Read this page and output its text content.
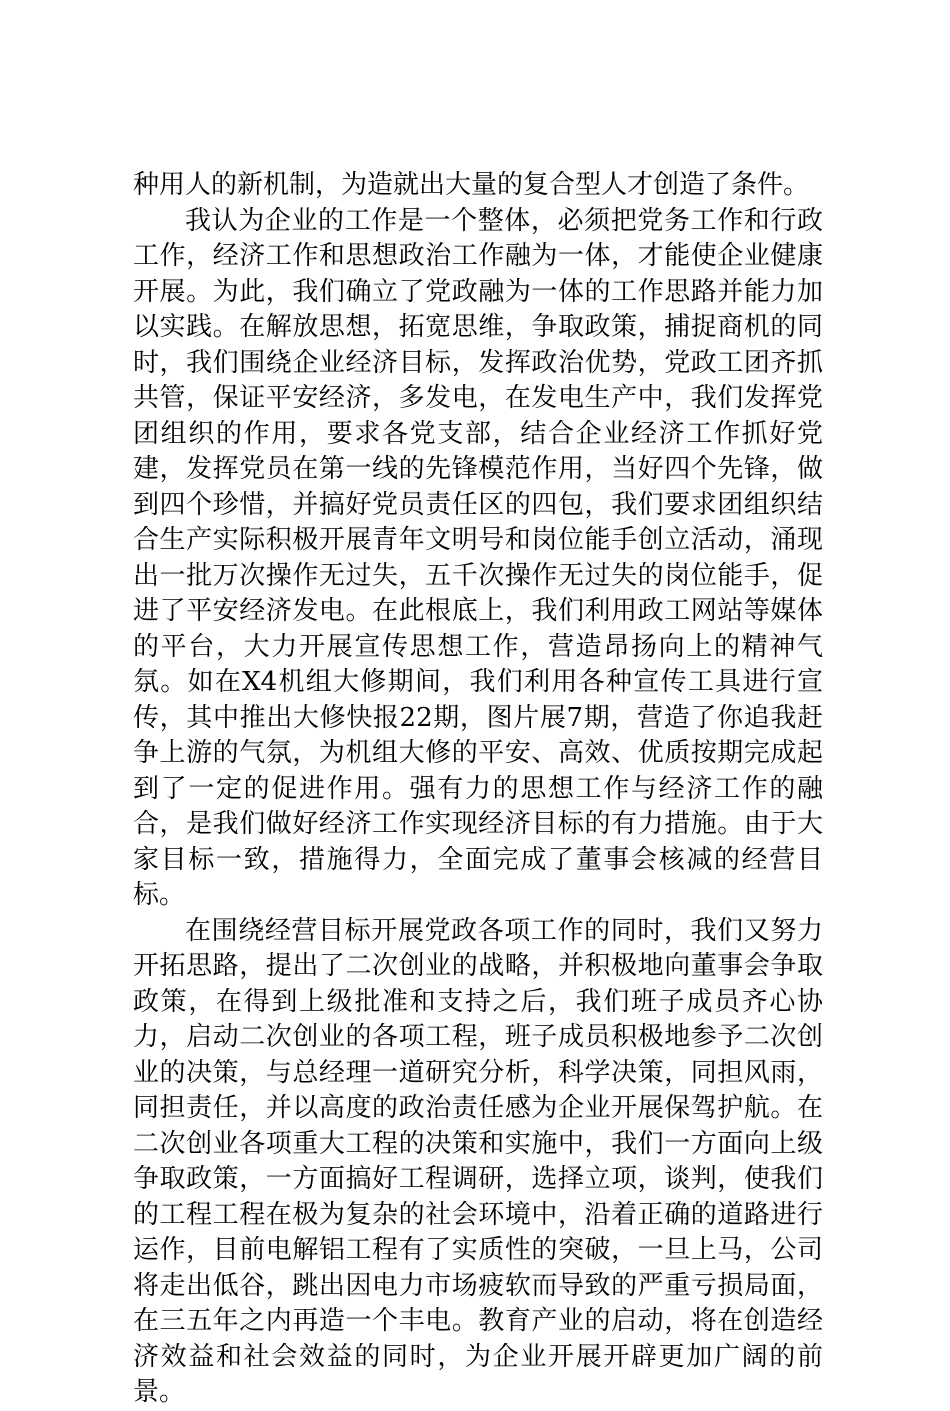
种用人的新机制，为造就出大量的复合型人才创造了条件。

我认为企业的工作是一个整体，必须把党务工作和行政工作，经济工作和思想政治工作融为一体，才能使企业健康开展。为此，我们确立了党政融为一体的工作思路并能力加以实践。在解放思想，拓宽思维，争取政策，捕捉商机的同时，我们围绕企业经济目标，发挥政治优势，党政工团齐抓共管，保证平安经济，多发电，在发电生产中，我们发挥党团组织的作用，要求各党支部，结合企业经济工作抓好党建，发挥党员在第一线的先锋模范作用，当好四个先锋，做到四个珍惜，并搞好党员责任区的四包，我们要求团组织结合生产实际积极开展青年文明号和岗位能手创立活动，涌现出一批万次操作无过失，五千次操作无过失的岗位能手，促进了平安经济发电。在此根底上，我们利用政工网站等媒体的平台，大力开展宣传思想工作，营造昂扬向上的精神气氛。如在X4机组大修期间，我们利用各种宣传工具进行宣传，其中推出大修快报22期，图片展7期，营造了你追我赶争上游的气氛，为机组大修的平安、高效、优质按期完成起到了一定的促进作用。强有力的思想工作与经济工作的融合，是我们做好经济工作实现经济目标的有力措施。由于大家目标一致，措施得力，全面完成了董事会核减的经营目标。

在围绕经营目标开展党政各项工作的同时，我们又努力开拓思路，提出了二次创业的战略，并积极地向董事会争取政策，在得到上级批准和支持之后，我们班子成员齐心协力，启动二次创业的各项工程，班子成员积极地参予二次创业的决策，与总经理一道研究分析，科学决策，同担风雨，同担责任，并以高度的政治责任感为企业开展保驾护航。在二次创业各项重大工程的决策和实施中，我们一方面向上级争取政策，一方面搞好工程调研，选择立项，谈判，使我们的工程工程在极为复杂的社会环境中，沿着正确的道路进行运作，目前电解铝工程有了实质性的突破，一旦上马，公司将走出低谷，跳出因电力市场疲软而导致的严重亏损局面，在三五年之内再造一个丰电。教育产业的启动，将在创造经济效益和社会效益的同时，为企业开展开辟更加广阔的前景。
